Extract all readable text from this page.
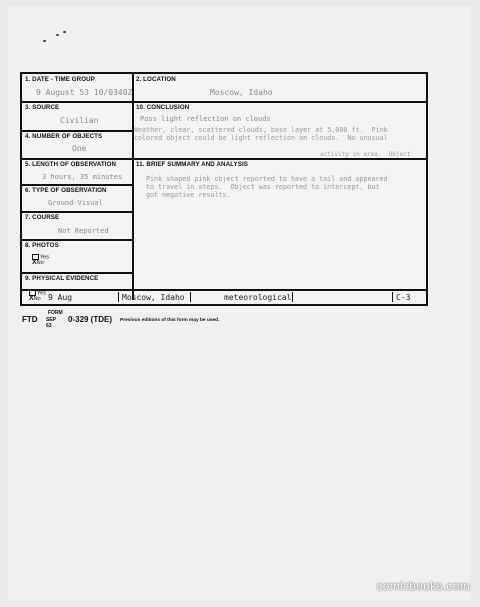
1. DATE - TIME GROUP
9 August 53 10/0340Z
2. LOCATION
Moscow, Idaho
3. SOURCE
Civilian
10. CONCLUSION
Poss light reflection on clouds
Weather, clear, scattered clouds, base layer at 5,000 ft.  Pink
colored object could be light reflection on clouds.  No unusual
activity in area.  Object
4. NUMBER OF OBJECTS
One
5. LENGTH OF OBSERVATION
3 hours, 35 minutes
11. BRIEF SUMMARY AND ANALYSIS
Pink shaped pink object reported to have a tail and appeared
to travel in steps.  Object was reported to intercept, but
got negative results.
6. TYPE OF OBSERVATION
Ground-Visual
7. COURSE
Not Reported
8. PHOTOS
Yes
XNo
9. PHYSICAL EVIDENCE
Yes
XNo 9 Aug	Moscow, Idaho	meteorological	C-3
FORM
FTD SEP 63
0-329 (TDE) Previous editions of this form may be used.
comicbooks.com
